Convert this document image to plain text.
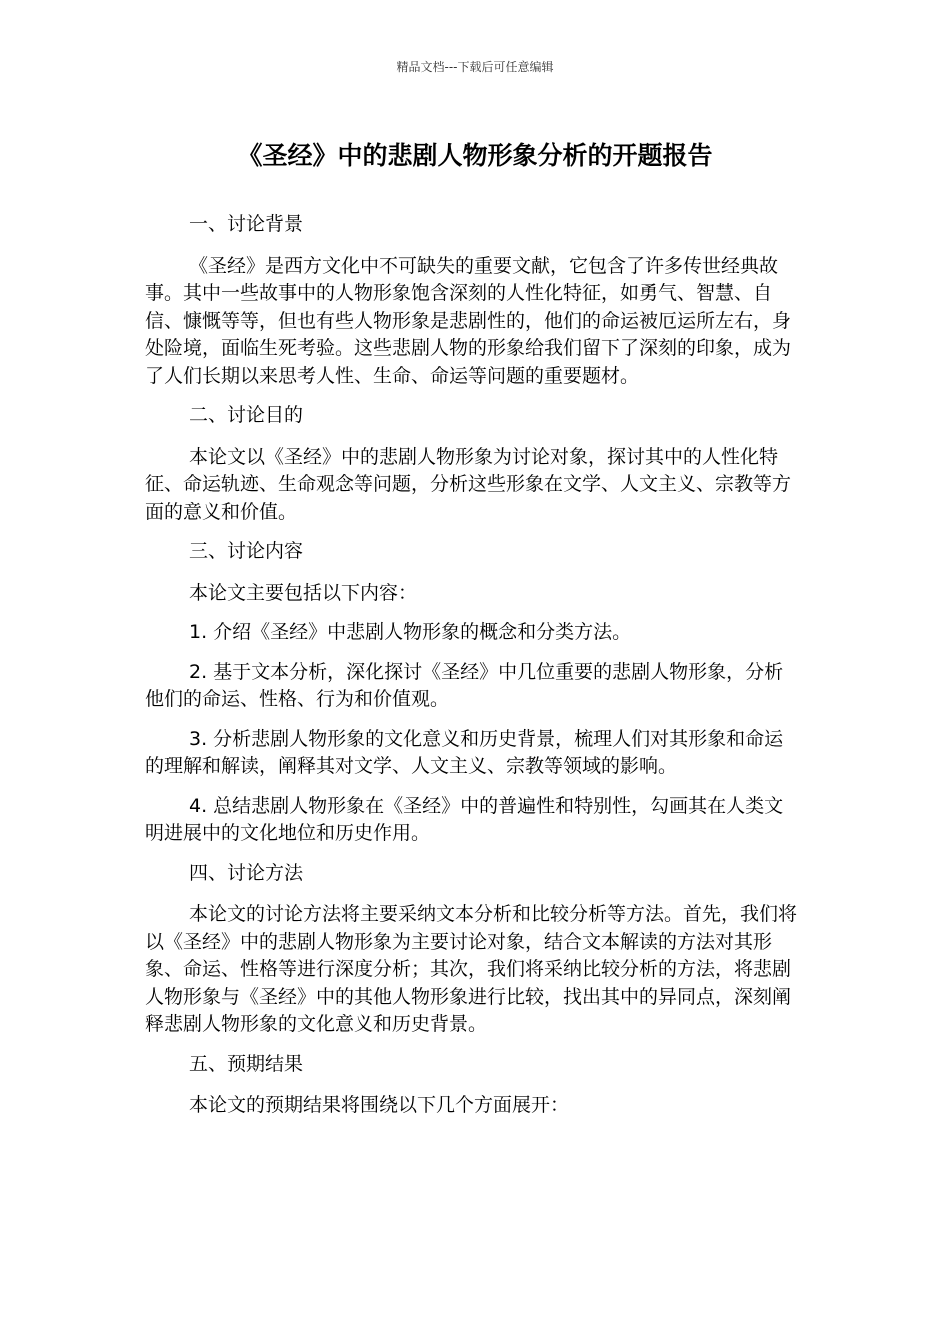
精品文档---下载后可任意编辑
《圣经》中的悲剧人物形象分析的开题报告

一、讨论背景

《圣经》是西方文化中不可缺失的重要文献，它包含了许多传世经典故事。其中一些故事中的人物形象饱含深刻的人性化特征，如勇气、智慧、自信、慷慨等等，但也有些人物形象是悲剧性的，他们的命运被厄运所左右，身处险境，面临生死考验。这些悲剧人物的形象给我们留下了深刻的印象，成为了人们长期以来思考人性、生命、命运等问题的重要题材。

二、讨论目的

本论文以《圣经》中的悲剧人物形象为讨论对象，探讨其中的人性化特征、命运轨迹、生命观念等问题，分析这些形象在文学、人文主义、宗教等方面的意义和价值。

三、讨论内容

本论文主要包括以下内容：

1. 介绍《圣经》中悲剧人物形象的概念和分类方法。

2. 基于文本分析，深化探讨《圣经》中几位重要的悲剧人物形象，分析他们的命运、性格、行为和价值观。

3. 分析悲剧人物形象的文化意义和历史背景，梳理人们对其形象和命运的理解和解读，阐释其对文学、人文主义、宗教等领域的影响。

4. 总结悲剧人物形象在《圣经》中的普遍性和特别性，勾画其在人类文明进展中的文化地位和历史作用。

四、讨论方法

本论文的讨论方法将主要采纳文本分析和比较分析等方法。首先，我们将以《圣经》中的悲剧人物形象为主要讨论对象，结合文本解读的方法对其形象、命运、性格等进行深度分析；其次，我们将采纳比较分析的方法，将悲剧人物形象与《圣经》中的其他人物形象进行比较，找出其中的异同点，深刻阐释悲剧人物形象的文化意义和历史背景。

五、预期结果

本论文的预期结果将围绕以下几个方面展开：
